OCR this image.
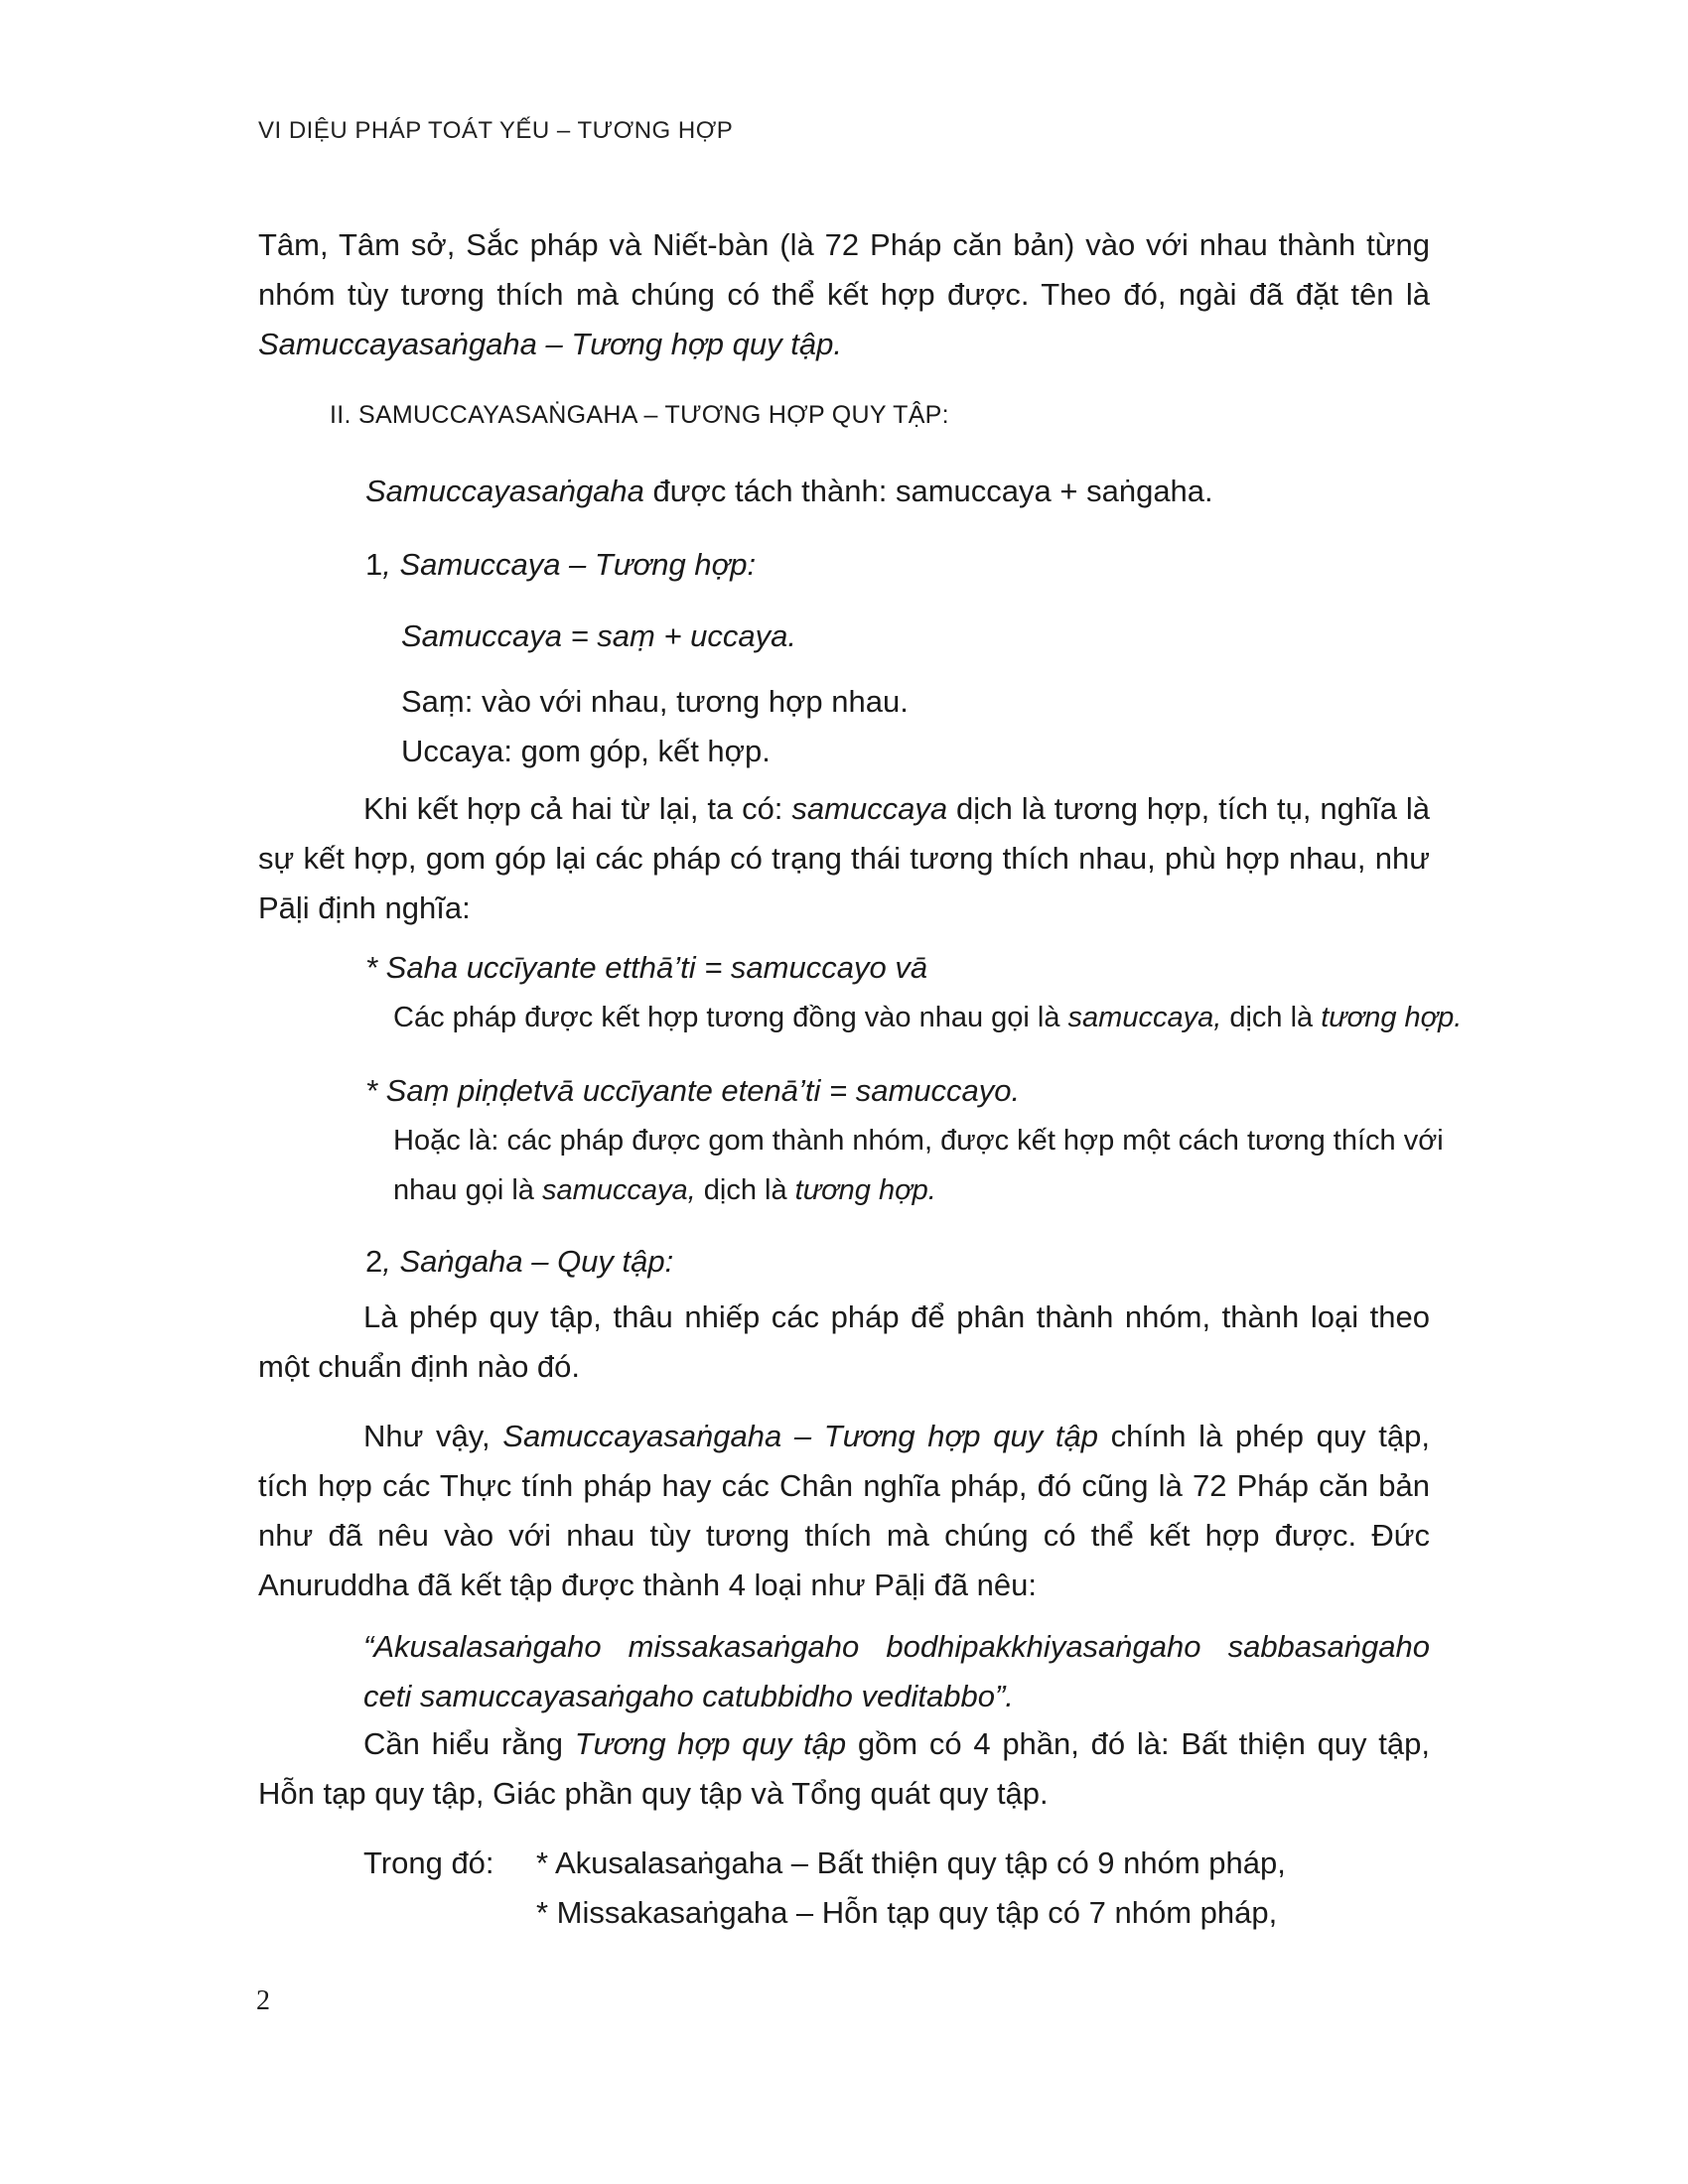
VI DIỆU PHÁP TOÁT YẾU – TƯƠNG HỢP

Tâm, Tâm sở, Sắc pháp và Niết-bàn (là 72 Pháp căn bản) vào với nhau thành từng nhóm tùy tương thích mà chúng có thể kết hợp được. Theo đó, ngài đã đặt tên là Samuccayasaṅgaha – Tương hợp quy tập.

II. SAMUCCAYASAṄGAHA – TƯƠNG HỢP QUY TẬP:

Samuccayasaṅgaha được tách thành: samuccaya + saṅgaha.

1, Samuccaya – Tương hợp:

Samuccaya = saṃ + uccaya.

Saṃ: vào với nhau, tương hợp nhau.

Uccaya: gom góp, kết hợp.

Khi kết hợp cả hai từ lại, ta có: samuccaya dịch là tương hợp, tích tụ, nghĩa là sự kết hợp, gom góp lại các pháp có trạng thái tương thích nhau, phù hợp nhau, như Pāḷi định nghĩa:

* Saha uccīyante etthā’ti = samuccayo vā

Các pháp được kết hợp tương đồng vào nhau gọi là samuccaya, dịch là tương hợp.

* Saṃ piṇḍetvā uccīyante etenā’ti = samuccayo.

Hoặc là: các pháp được gom thành nhóm, được kết hợp một cách tương thích với

nhau gọi là samuccaya, dịch là tương hợp.

2, Saṅgaha – Quy tập:

Là phép quy tập, thâu nhiếp các pháp để phân thành nhóm, thành loại theo một chuẩn định nào đó.

Như vậy, Samuccayasaṅgaha – Tương hợp quy tập chính là phép quy tập, tích hợp các Thực tính pháp hay các Chân nghĩa pháp, đó cũng là 72 Pháp căn bản như đã nêu vào với nhau tùy tương thích mà chúng có thể kết hợp được. Đức Anuruddha đã kết tập được thành 4 loại như Pāḷi đã nêu:

“Akusalasaṅgaho missakasaṅgaho bodhipakkhiyasaṅgaho sabbasaṅgaho ceti samuccayasaṅgaho catubbidho veditabbo”.

Cần hiểu rằng Tương hợp quy tập gồm có 4 phần, đó là: Bất thiện quy tập, Hỗn tạp quy tập, Giác phần quy tập và Tổng quát quy tập.

Trong đó: * Akusalasaṅgaha – Bất thiện quy tập có 9 nhóm pháp,

* Missakasaṅgaha – Hỗn tạp quy tập có 7 nhóm pháp,

2
